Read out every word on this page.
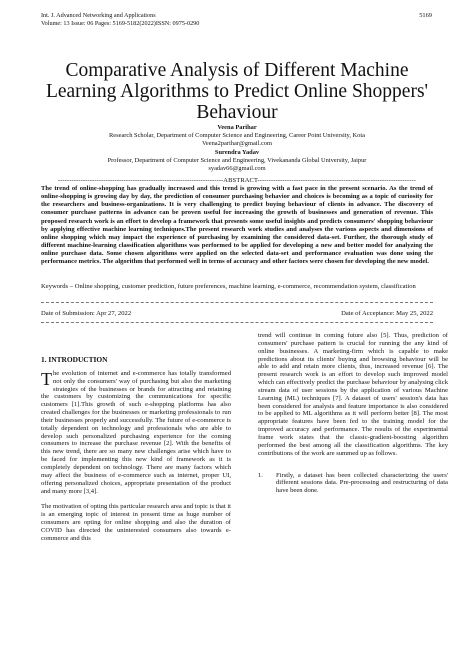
Int. J. Advanced Networking and Applications
Volume: 13 Issue: 06 Pages: 5169-5182(2022)ISSN: 0975-0290
5169
Comparative Analysis of Different Machine Learning Algorithms to Predict Online Shoppers' Behaviour
Veena Parihar
Research Scholar, Department of Computer Science and Engineering, Career Point University, Kota
Veena2parihar@gmail.com
Surendra Yadav
Professor, Department of Computer Science and Engineering, Vivekananda Global University, Jaipur
syadav66@gmail.com
-------------------------------------------------------------------------ABSTRACT----------------------------------------------------------------------
The trend of online-shopping has gradually increased and this trend is growing with a fast pace in the present scenario. As the trend of online-shopping is growing day by day, the prediction of consumer purchasing behavior and choices is becoming as a topic of curiosity for the researchers and business-organizations. It is very challenging to predict buying behaviour of clients in advance. The discovery of consumer purchase patterns in advance can be proven useful for increasing the growth of businesses and generation of revenue. This proposed research work is an effort to develop a framework that presents some useful insights and predicts consumers' shopping behaviour by applying effective machine learning techniques.The present research work studies and analyses the various aspects and dimensions of online shopping which may impact the experience of purchasing by examining the considered data-set. Further, the thorough study of different machine-learning classification algorithms was performed to be applied for developing a new and better model for analyzing the online purchase data. Some chosen algorithms were applied on the selected data-set and performance evaluation was done using the performance metrics. The algorithm that performed well in terms of accuracy and other factors were chosen for developing the new model.
Keywords – Online shopping, customer prediction, future preferences, machine learning, e-commerce, recommendation system, classification
Date of Submission: Apr 27, 2022	Date of Acceptance: May 25, 2022
1. INTRODUCTION

The evolution of internet and e-commerce has totally transformed not only the consumers' way of purchasing but also the marketing strategies of the businesses or brands for attracting and retaining the customers by customizing the communications for specific customers [1].This growth of such e-shopping platforms has also created challenges for the businesses or marketing professionals to run their businesses properly and successfully. The future of e-commerce is totally dependent on technology and professionals who are able to develop such personalized purchasing experience for the coming consumers to increase the purchase revenue [2]. With the benefits of this new trend, there are so many new challenges arise which have to be faced for implementing this new kind of framework as it is completely dependent on technology. There are many factors which may affect the business of e-commerce such as internet, proper UI, offering personalized choices, appropriate presentation of the product and many more [3,4].

The motivation of opting this particular research area and topic is that it is an emerging topic of interest in present time as huge number of consumers are opting for online shopping and also the duration of COVID has directed the uninterested consumers also towards e-commerce and this

trend will continue in coming future also [5]. Thus, prediction of consumers' purchase pattern is crucial for running the any kind of online businesses. A marketing-firm which is capable to make predictions about its clients' buying and browsing behaviour will be able to add and retain more clients, thus, increased revenue [6]. The present research work is an effort to develop such improved model which can effectively predict the purchase behaviour by analysing click stream data of user sessions by the application of various Machine Learning (ML) techniques [7]. A dataset of users' session's data has been considered for analysis and feature importance is also considered to be applied to ML algorithms as it will perform better [8]. The most appropriate features have been fed to the training model for the improved accuracy and performance. The results of the experimental frame work states that the classic-gradient-boosting algorithm performed the best among all the classification algorithms. The key contributions of the work are summed up as follows.

1. Firstly, a dataset has been collected characterizing the users' different sessions data. Pre-processing and restructuring of data have been done.
